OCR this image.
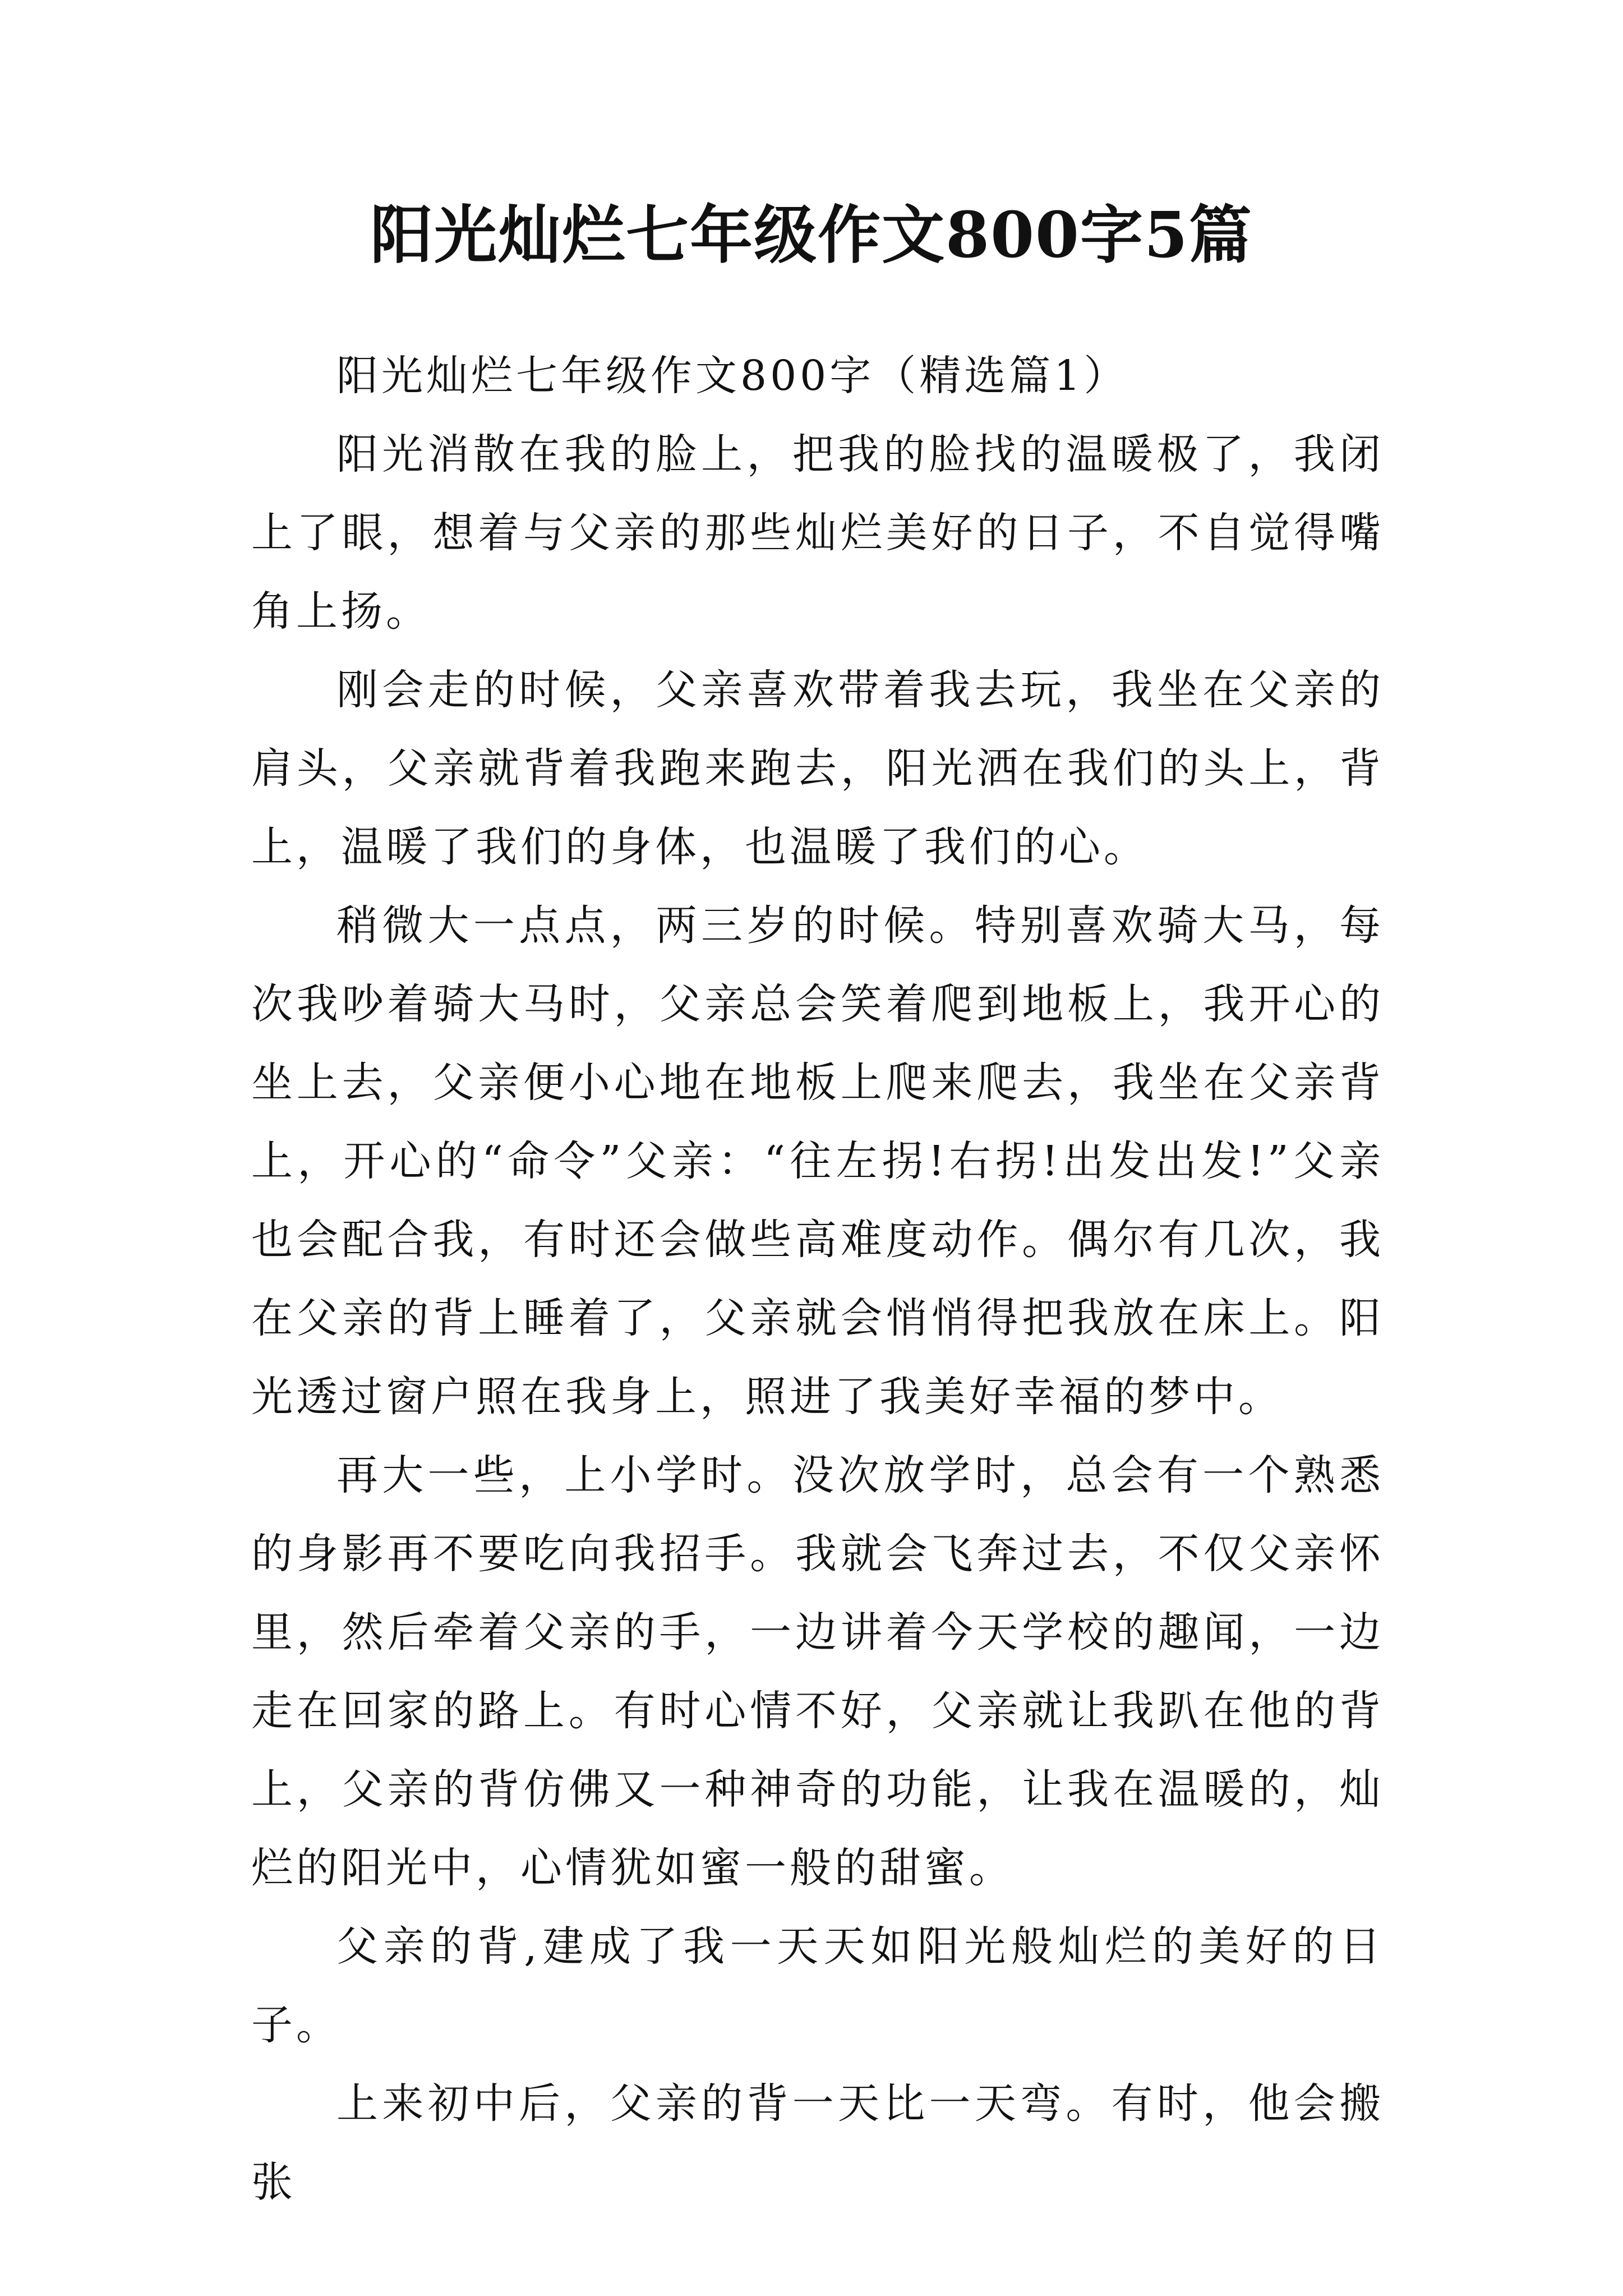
阳光灿烂七年级作文800字5篇

阳光灿烂七年级作文800字（精选篇1）

阳光消散在我的脸上，把我的脸找的温暖极了，我闭上了眼，想着与父亲的那些灿烂美好的日子，不自觉得嘴角上扬。

刚会走的时候，父亲喜欢带着我去玩，我坐在父亲的肩头，父亲就背着我跑来跑去，阳光洒在我们的头上，背上，温暖了我们的身体，也温暖了我们的心。

稍微大一点点，两三岁的时候。特别喜欢骑大马，每次我吵着骑大马时，父亲总会笑着爬到地板上，我开心的坐上去，父亲便小心地在地板上爬来爬去，我坐在父亲背上，开心的“命令”父亲：“往左拐!右拐!出发出发!”父亲也会配合我，有时还会做些高难度动作。偶尔有几次，我在父亲的背上睡着了，父亲就会悄悄得把我放在床上。阳光透过窗户照在我身上，照进了我美好幸福的梦中。

再大一些，上小学时。没次放学时，总会有一个熟悉的身影再不要吃向我招手。我就会飞奔过去，不仅父亲怀里，然后牵着父亲的手，一边讲着今天学校的趣闻，一边走在回家的路上。有时心情不好，父亲就让我趴在他的背上，父亲的背仿佛又一种神奇的功能，让我在温暖的，灿烂的阳光中，心情犹如蜜一般的甜蜜。

父亲的背,建成了我一天天如阳光般灿烂的美好的日子。

上来初中后，父亲的背一天比一天弯。有时，他会搬张
